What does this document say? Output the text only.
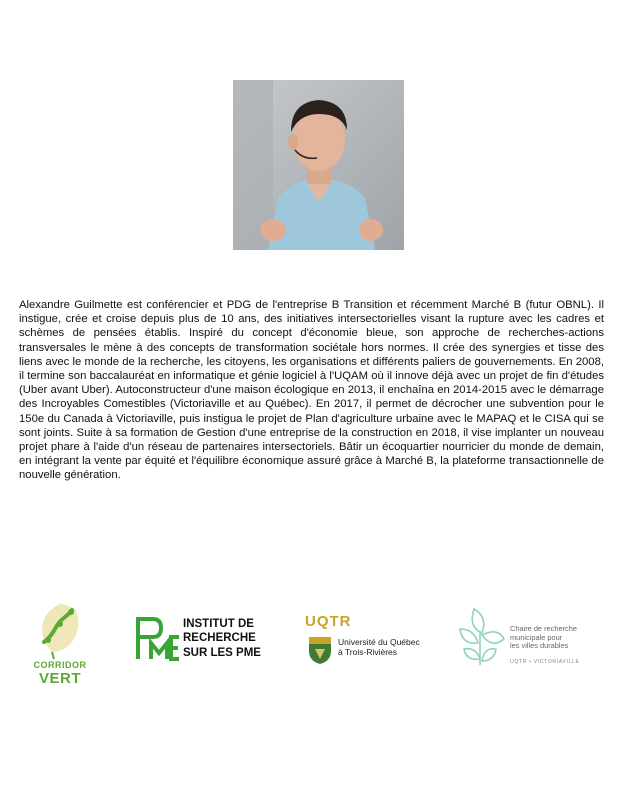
Alexandre Guilmette est conférencier et PDG de l'entreprise B Transition et récemment Marché B (futur OBNL). Il instigue, crée et croise depuis plus de 10 ans, des initiatives intersectorielles visant la rupture avec les cadres et schèmes de pensées établis. Inspiré du concept d'économie bleue, son approche de recherches-actions transversales le mène à des concepts de transformation sociétale hors normes. Il crée des synergies et tisse des liens avec le monde de la recherche, les citoyens, les organisations et différents paliers de gouvernements. En 2008, il termine son baccalauréat en informatique et génie logiciel à l'UQAM où il innove déjà avec un projet de fin d'études (Uber avant Uber). Autoconstructeur d'une maison écologique en 2013, il enchaîna en 2014-2015 avec le démarrage des Incroyables Comestibles (Victoriaville et au Québec). En 2017, il permet de décrocher une subvention pour le 150e du Canada à Victoriaville, puis instigua le projet de Plan d'agriculture urbaine avec le MAPAQ et le CISA qui se sont joints. Suite à sa formation de Gestion d'une entreprise de la construction en 2018, il vise implanter un nouveau projet phare à l'aide d'un réseau de partenaires intersectoriels. Bâtir un écoquartier nourricier du monde de demain, en intégrant la vente par équité et l'équilibre économique assuré grâce à Marché B, la plateforme transactionnelle de nouvelle génération.

CORRIDOR
VERT
INSTITUT DE
RECHERCHE
SUR LES PME
UQTR
Université du Québec
à Trois-Rivières
Chaire de recherche
municipale pour
les villes durables
UQTR • VICTORIAVILLE
